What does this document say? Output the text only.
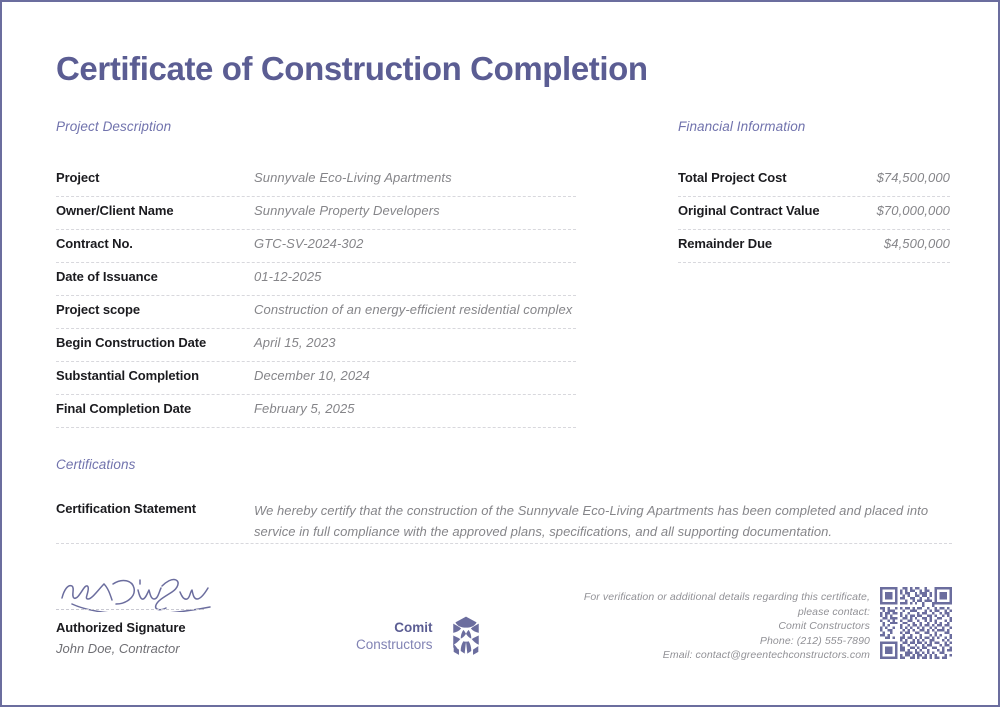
Certificate of Construction Completion
Project Description
Project	Sunnyvale Eco-Living Apartments
Owner/Client Name	Sunnyvale Property Developers
Contract No.	GTC-SV-2024-302
Date of Issuance	01-12-2025
Project scope	Construction of an energy-efficient residential complex
Begin Construction Date	April 15, 2023
Substantial Completion	December 10, 2024
Final Completion Date	February 5, 2025
Financial Information
Total Project Cost	$74,500,000
Original Contract Value	$70,000,000
Remainder Due	$4,500,000
Certifications
Certification Statement	We hereby certify that the construction of the Sunnyvale Eco-Living Apartments has been completed and placed into service in full compliance with the approved plans, specifications, and all supporting documentation.
Authorized Signature
John Doe, Contractor
Comit
Constructors
For verification or additional details regarding this certificate,
please contact:
Comit Constructors
Phone: (212) 555-7890
Email: contact@greentechconstructors.com
